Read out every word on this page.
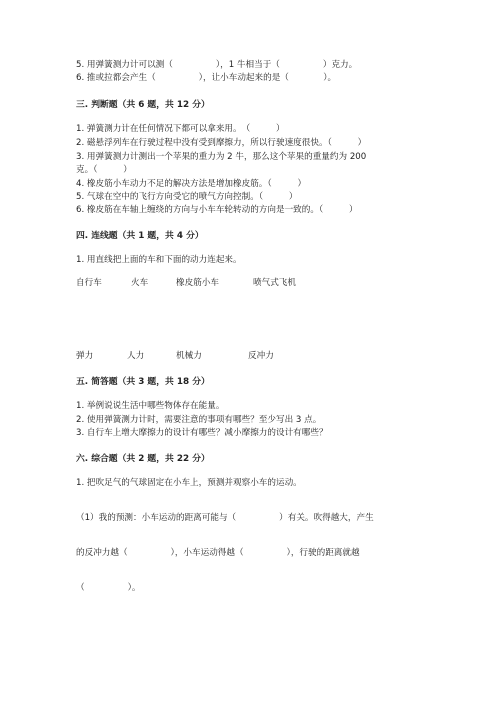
5. 用弹簧测力计可以测（　　　　　），1 牛相当于（　　　　　）克力。
6. 推或拉都会产生（　　　　　），让小车动起来的是（　　　　）。
三. 判断题（共 6 题，共 12 分）
1. 弹簧测力计在任何情况下都可以拿来用。　（　　　）
2. 磁悬浮列车在行驶过程中没有受到摩擦力，所以行驶速度很快。（　　　）
3. 用弹簧测力计测出一个苹果的重力为 2 牛，那么这个苹果的重量约为 200
克。（　　　）
4. 橡皮筋小车动力不足的解决方法是增加橡皮筋。（　　　）
5. 气球在空中的飞行方向受它的喷气方向控制。（　　　）
6. 橡皮筋在车轴上缠绕的方向与小车车轮转动的方向是一致的。（　　　）
四. 连线题（共 1 题，共 4 分）
1. 用直线把上面的车和下面的动力连起来。
自行车	火车	橡皮筋小车	喷气式飞机
弹力	人力	机械力	反冲力
五. 简答题（共 3 题，共 18 分）
1. 举例说说生活中哪些物体存在能量。
2. 使用弹簧测力计时，需要注意的事项有哪些？至少写出 3 点。
3. 自行车上增大摩擦力的设计有哪些？减小摩擦力的设计有哪些？
六. 综合题（共 2 题，共 22 分）
1. 把吹足气的气球固定在小车上，预测并观察小车的运动。
（1）我的预测：小车运动的距离可能与（　　　　　）有关。吹得越大，产生
的反冲力越（　　　　　），小车运动得越（　　　　　），行驶的距离就越
（　　　　　）。
